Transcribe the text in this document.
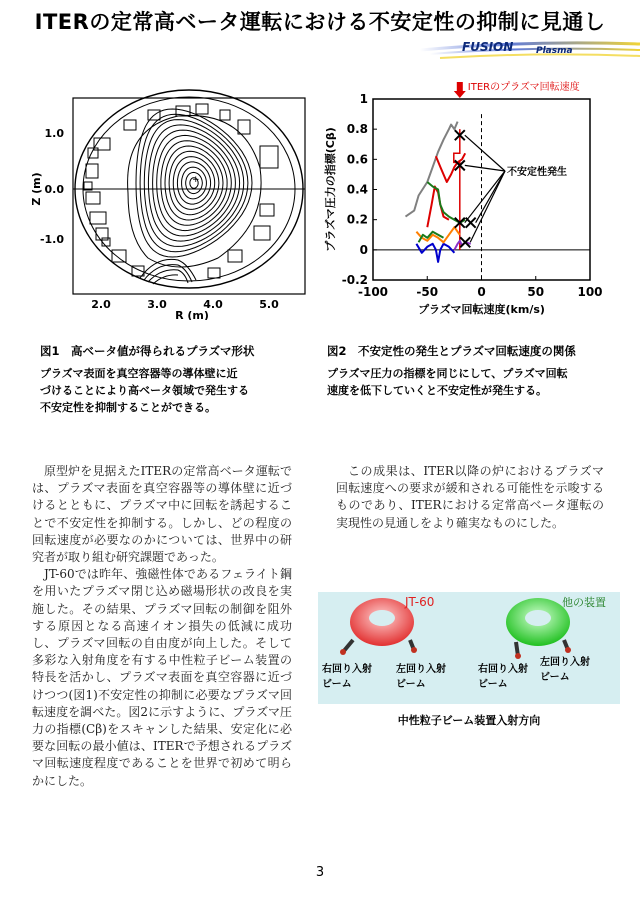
ITERの定常高ベータ運転における不安定性の抑制に見通し
FUSION	Plasma
+
1.0
Z (m) 0.0
-1.0
2.0	3.0	4.0	5.0
R (m)
ITERのプラズマ回転速度
-100 -50	0	50	100
1
0.8
0.6
0.4
0.2
0
-0.2
不安定性発生
プラズマ圧力の指標(Cβ)
プラズマ回転速度(km/s)
図1　高ベータ値が得られるプラズマ形状
プラズマ表面を真空容器等の導体壁に近
づけることにより高ベータ領域で発生する
不安定性を抑制することができる。
図2　不安定性の発生とプラズマ回転速度の関係
プラズマ圧力の指標を同じにして、プラズマ回転
速度を低下していくと不安定性が発生する。

原型炉を見据えたITERの定常高ベータ運転では、プラズマ表面を真空容器等の導体壁に近づけるとともに、プラズマ中に回転を誘起することで不安定性を抑制する。しかし、どの程度の回転速度が必要なのかについては、世界中の研究者が取り組む研究課題であった。

JT-60では昨年、強磁性体であるフェライト鋼を用いたプラズマ閉じ込め磁場形状の改良を実施した。その結果、プラズマ回転の制御を阻外する原因となる高速イオン損失の低減に成功し、プラズマ回転の自由度が向上した。そして多彩な入射角度を有する中性粒子ビーム装置の特長を活かし、プラズマ表面を真空容器に近づけつつ(図1)不安定性の抑制に必要なプラズマ回転速度を調べた。図2に示すように、プラズマ圧力の指標(Cβ)をスキャンした結果、安定化に必要な回転の最小値は、ITERで予想されるプラズマ回転速度程度であることを世界で初めて明らかにした。

この成果は、ITER以降の炉におけるプラズマ回転速度への要求が緩和される可能性を示唆するものであり、ITERにおける定常高ベータ運転の実現性の見通しをより確実なものにした。

JT-60	他の装置
右回り入射
ビーム
左回り入射
ビーム
右回り入射
ビーム
左回り入射
ビーム
中性粒子ビーム装置入射方向
3
